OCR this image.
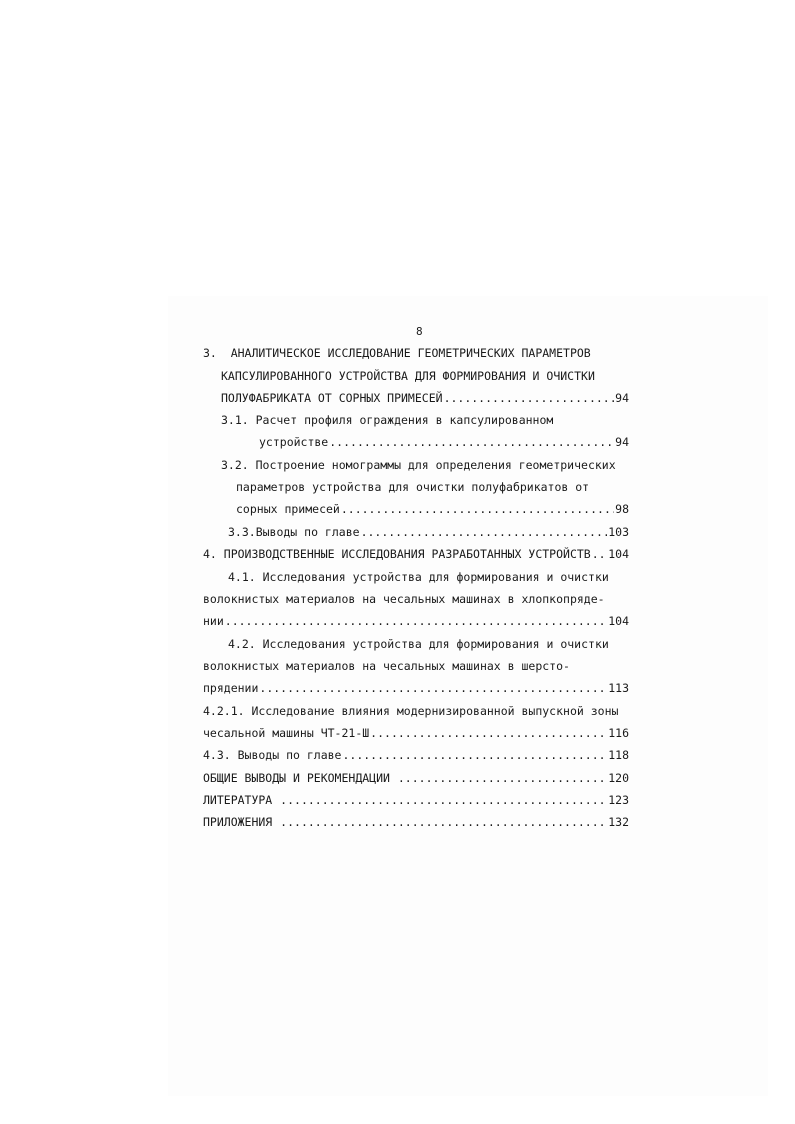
8
3.  АНАЛИТИЧЕСКОЕ ИССЛЕДОВАНИЕ ГЕОМЕТРИЧЕСКИХ ПАРАМЕТРОВ
КАПСУЛИРОВАННОГО УСТРОЙСТВА ДЛЯ ФОРМИРОВАНИЯ И ОЧИСТКИ
ПОЛУФАБРИКАТА ОТ СОРНЫХ ПРИМЕСЕЙ .....	94
3.1. Расчет профиля ограждения в капсулированном
устройстве .....	94
3.2. Построение номограммы для определения геометрических
параметров устройства для очистки полуфабрикатов от
сорных примесей .....	98
3.3.Выводы по главе .....	103
4. ПРОИЗВОДСТВЕННЫЕ ИССЛЕДОВАНИЯ РАЗРАБОТАННЫХ УСТРОЙСТВ ..... 104
4.1. Исследования устройства для формирования и очистки
волокнистых материалов на чесальных машинах в хлопкопряде-
нии .....	104
4.2. Исследования устройства для формирования и очистки
волокнистых материалов на чесальных машинах в шерсто-
прядении .....	113
4.2.1. Исследование влияния модернизированной выпускной зоны
чесальной машины ЧТ-21-Ш .....	116
4.3. Выводы по главе .....	118
ОБЩИЕ ВЫВОДЫ И РЕКОМЕНДАЦИИ .....	120
ЛИТЕРАТУРА .....	123
ПРИЛОЖЕНИЯ .....	132
